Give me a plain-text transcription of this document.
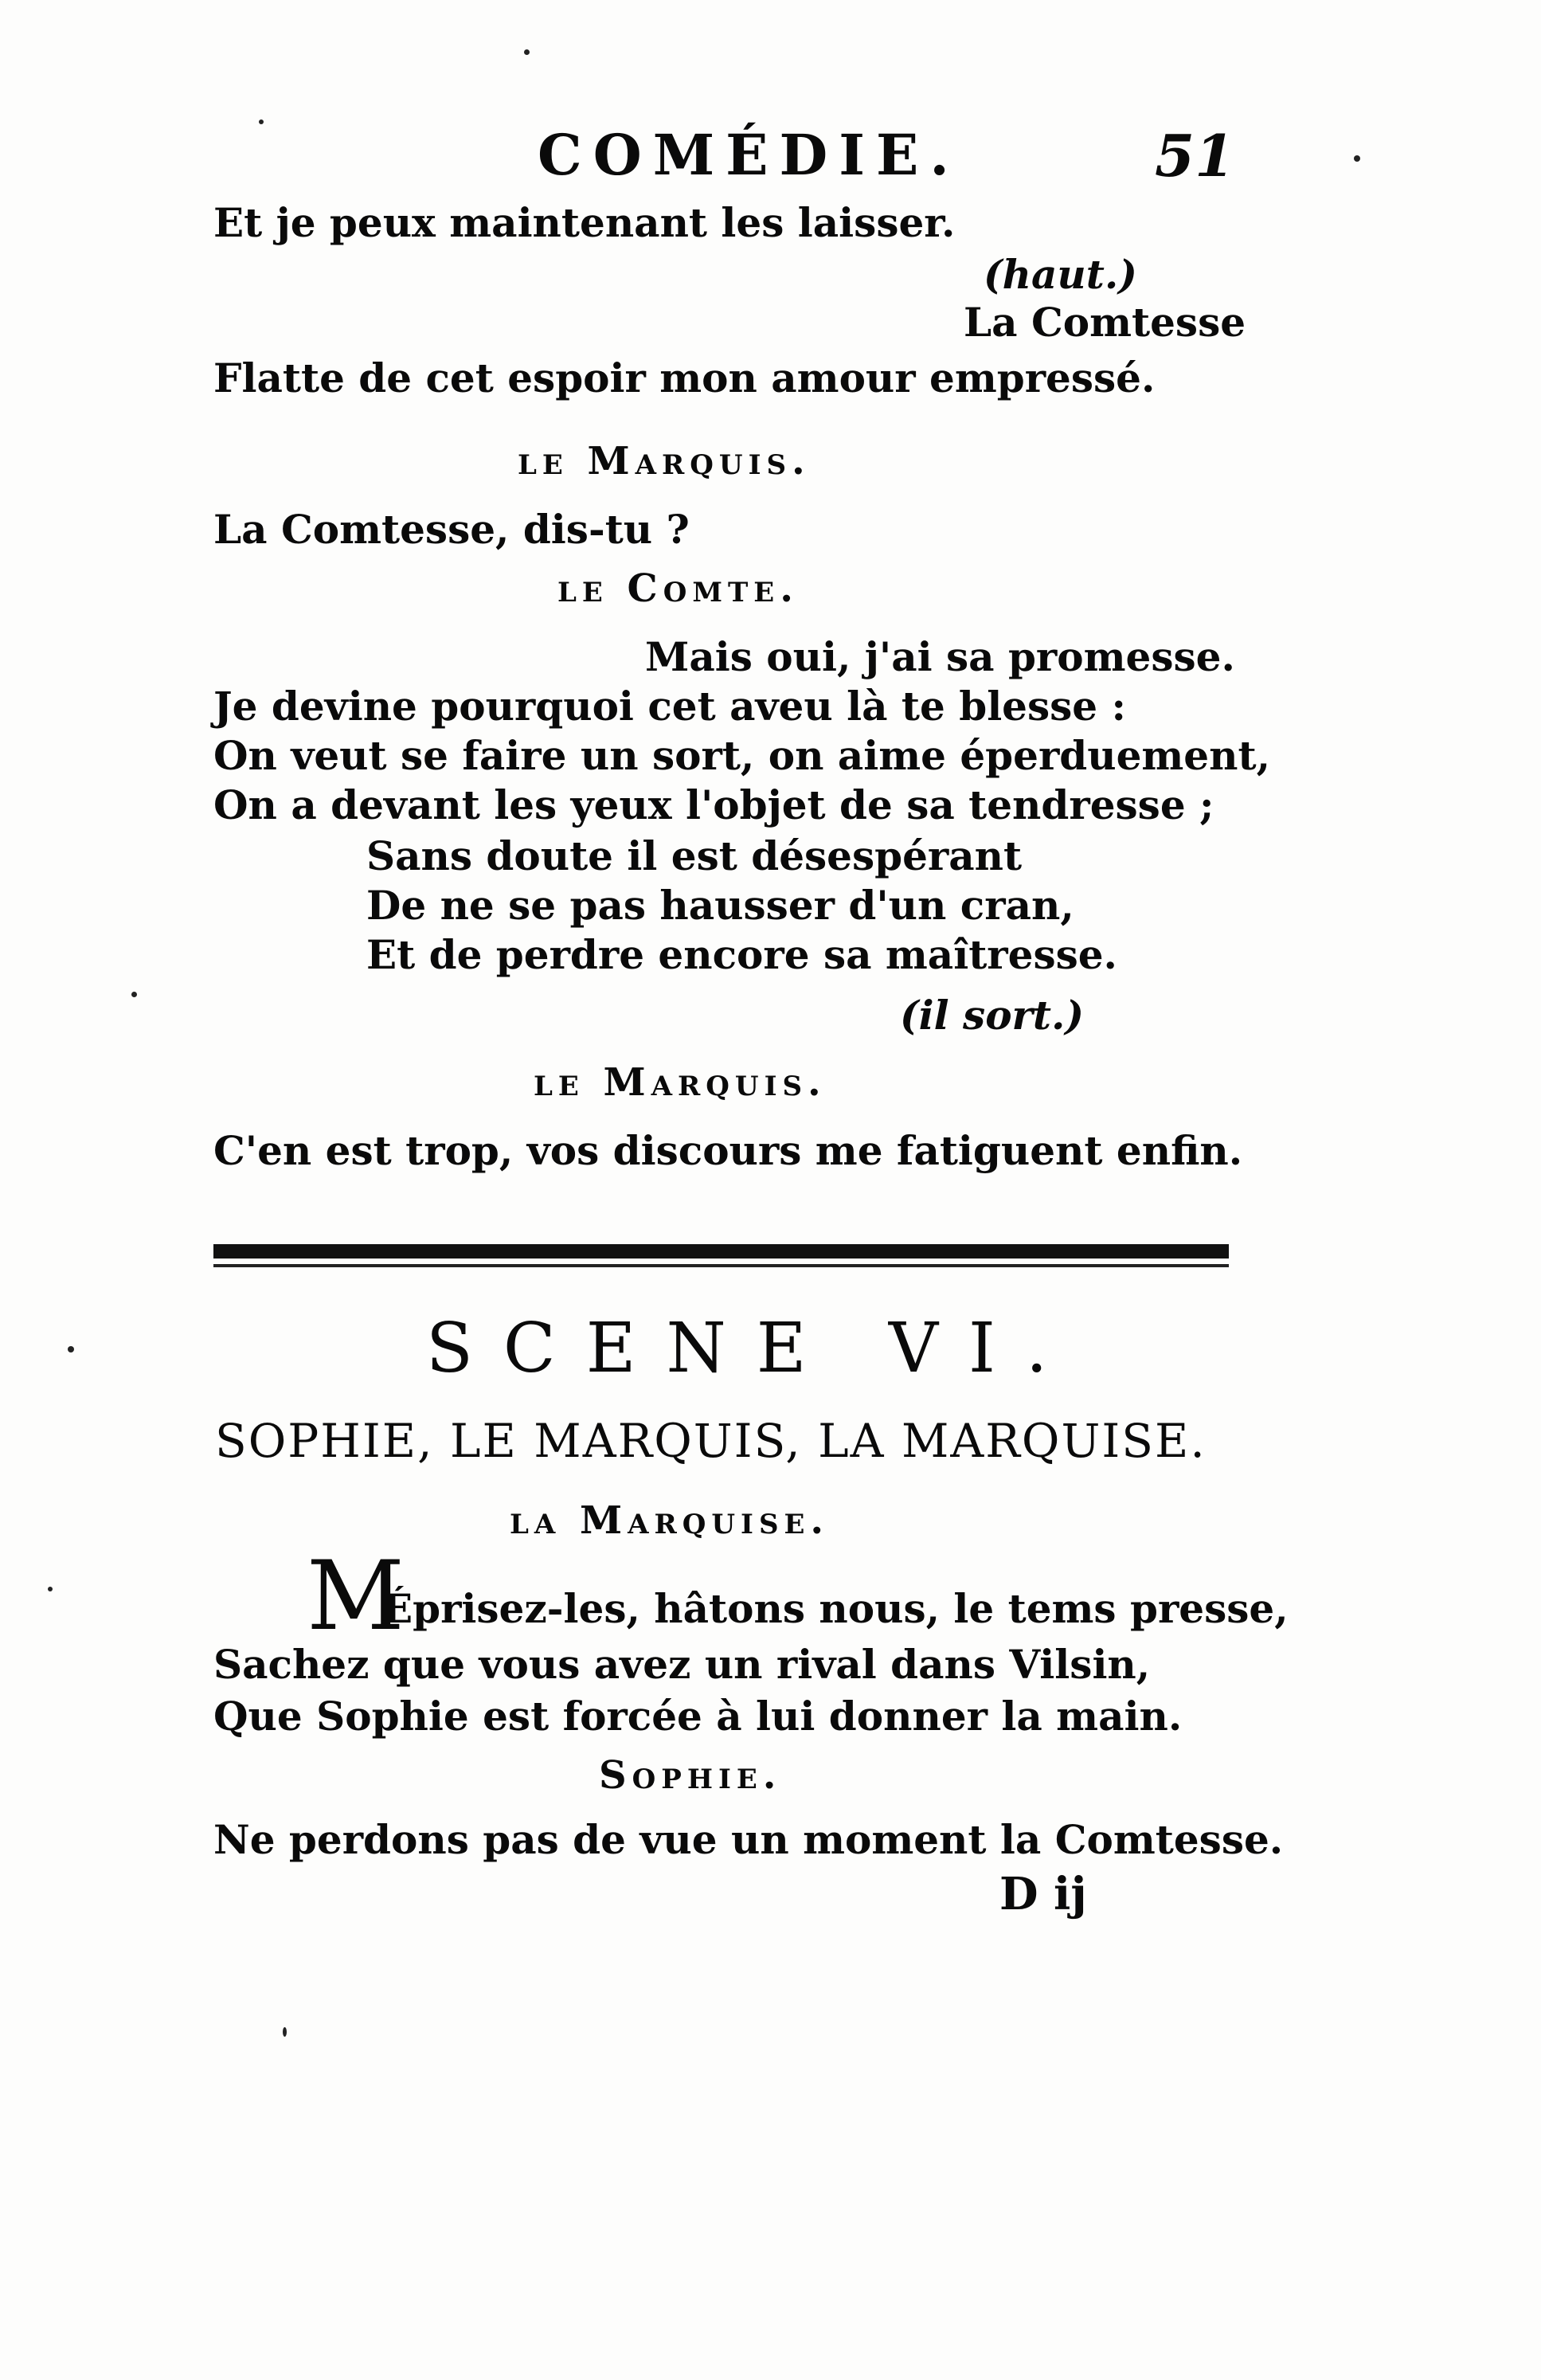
COMÉDIE.	51
Et je peux maintenant les laisser.
(haut.)
La Comtesse
Flatte de cet espoir mon amour empressé.
le Marquis.
La Comtesse, dis-tu ?
le Comte.
Mais oui, j'ai sa promesse.
Je devine pourquoi cet aveu là te blesse :
On veut se faire un sort, on aime éperduement,
On a devant les yeux l'objet de sa tendresse ;
Sans doute il est désespérant
De ne se pas hausser d'un cran,
Et de perdre encore sa maîtresse.
(il sort.)
le Marquis.
C'en est trop, vos discours me fatiguent enfin.
SCENE VI.
SOPHIE, LE MARQUIS, LA MARQUISE.
la Marquise.
M
Éprisez-les, hâtons nous, le tems presse,
Sachez que vous avez un rival dans Vilsin,
Que Sophie est forcée à lui donner la main.
Sophie.
Ne perdons pas de vue un moment la Comtesse.
D ij
